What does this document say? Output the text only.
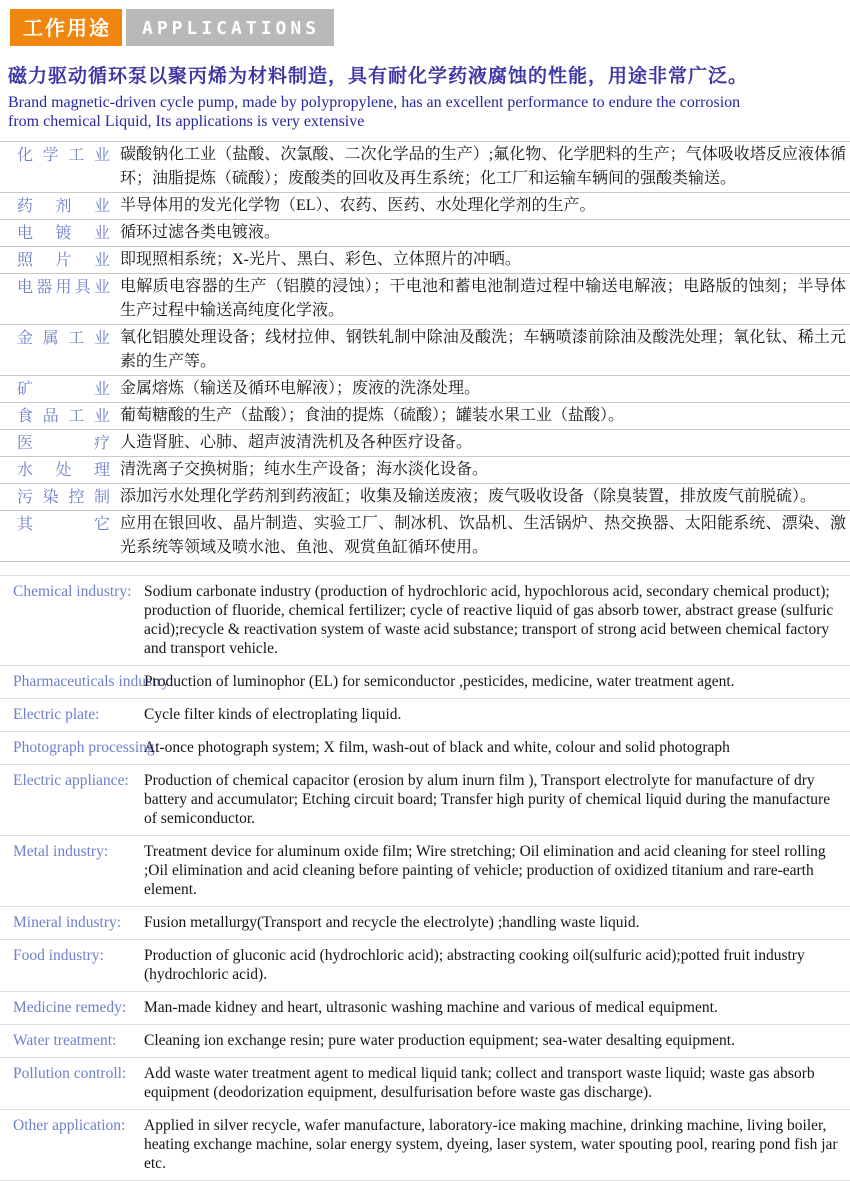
工作用途	APPLICATIONS

磁力驱动循环泵以聚丙烯为材料制造，具有耐化学药液腐蚀的性能，用途非常广泛。

Brand magnetic-driven cycle pump, made by polypropylene, has an excellent performance to endure the corrosion
from chemical Liquid, Its applications is very extensive

化学工业 碳酸钠化工业（盐酸、次氯酸、二次化学品的生产）;氟化物、化学肥料的生产；气体吸收塔反应液体循环；油脂提炼（硫酸）；废酸类的回收及再生系统；化工厂和运输车辆间的强酸类输送。
药剂业 半导体用的发光化学物（EL）、农药、医药、水处理化学剂的生产。
电镀业 循环过滤各类电镀液。
照片业 即现照相系统；X-光片、黑白、彩色、立体照片的冲晒。
电器用具业 电解质电容器的生产（铝膜的浸蚀）；干电池和蓄电池制造过程中输送电解液；电路版的蚀刻；半导体生产过程中输送高纯度化学液。
金属工业 氧化铝膜处理设备；线材拉伸、钢铁轧制中除油及酸洗；车辆喷漆前除油及酸洗处理；氧化钛、稀土元素的生产等。
矿业 金属熔炼（输送及循环电解液）；废液的洗涤处理。
食品工业 葡萄糖酸的生产（盐酸）；食油的提炼（硫酸）；罐装水果工业（盐酸）。
医疗 人造肾脏、心肺、超声波清洗机及各种医疗设备。
水处理 清洗离子交换树脂；纯水生产设备；海水淡化设备。
污染控制 添加污水处理化学药剂到药液缸；收集及输送废液；废气吸收设备（除臭装置，排放废气前脱硫）。
其它 应用在银回收、晶片制造、实验工厂、制冰机、饮品机、生活锅炉、热交换器、太阳能系统、漂染、激光系统等领域及喷水池、鱼池、观赏鱼缸循环使用。
Chemical industry: Sodium carbonate industry (production of hydrochloric acid, hypochlorous acid, secondary chemical product); production of fluoride, chemical fertilizer; cycle of reactive liquid of gas absorb tower, abstract grease (sulfuric acid);recycle & reactivation system of waste acid substance; transport of strong acid between chemical factory and transport vehicle.
Pharmaceuticals industry:
Production of luminophor (EL) for semiconductor ,pesticides, medicine, water treatment agent.
Electric plate:	Cycle filter kinds of electroplating liquid.
Photograph processing:
At-once photograph system; X film, wash-out of black and white, colour and solid photograph
Electric appliance: Production of chemical capacitor (erosion by alum inurn film ), Transport electrolyte for manufacture of dry battery and accumulator; Etching circuit board; Transfer high purity of chemical liquid during the manufacture of semiconductor.
Metal industry:	Treatment device for aluminum oxide film; Wire stretching; Oil elimination and acid cleaning for steel rolling ;Oil elimination and acid cleaning before painting of vehicle; production of oxidized titanium and rare-earth element.
Mineral industry:	Fusion metallurgy(Transport and recycle the electrolyte) ;handling waste liquid.
Food industry:	Production of gluconic acid (hydrochloric acid); abstracting cooking oil(sulfuric acid);potted fruit industry (hydrochloric acid).
Medicine remedy:	Man-made kidney and heart, ultrasonic washing machine and various of medical equipment.
Water treatment:	Cleaning ion exchange resin; pure water production equipment; sea-water desalting equipment.
Pollution controll:	Add waste water treatment agent to medical liquid tank; collect and transport waste liquid; waste gas absorb equipment (deodorization equipment, desulfurisation before waste gas discharge).
Other application:	Applied in silver recycle, wafer manufacture, laboratory-ice making machine, drinking machine, living boiler, heating exchange machine, solar energy system, dyeing, laser system, water spouting pool, rearing pond fish jar etc.
